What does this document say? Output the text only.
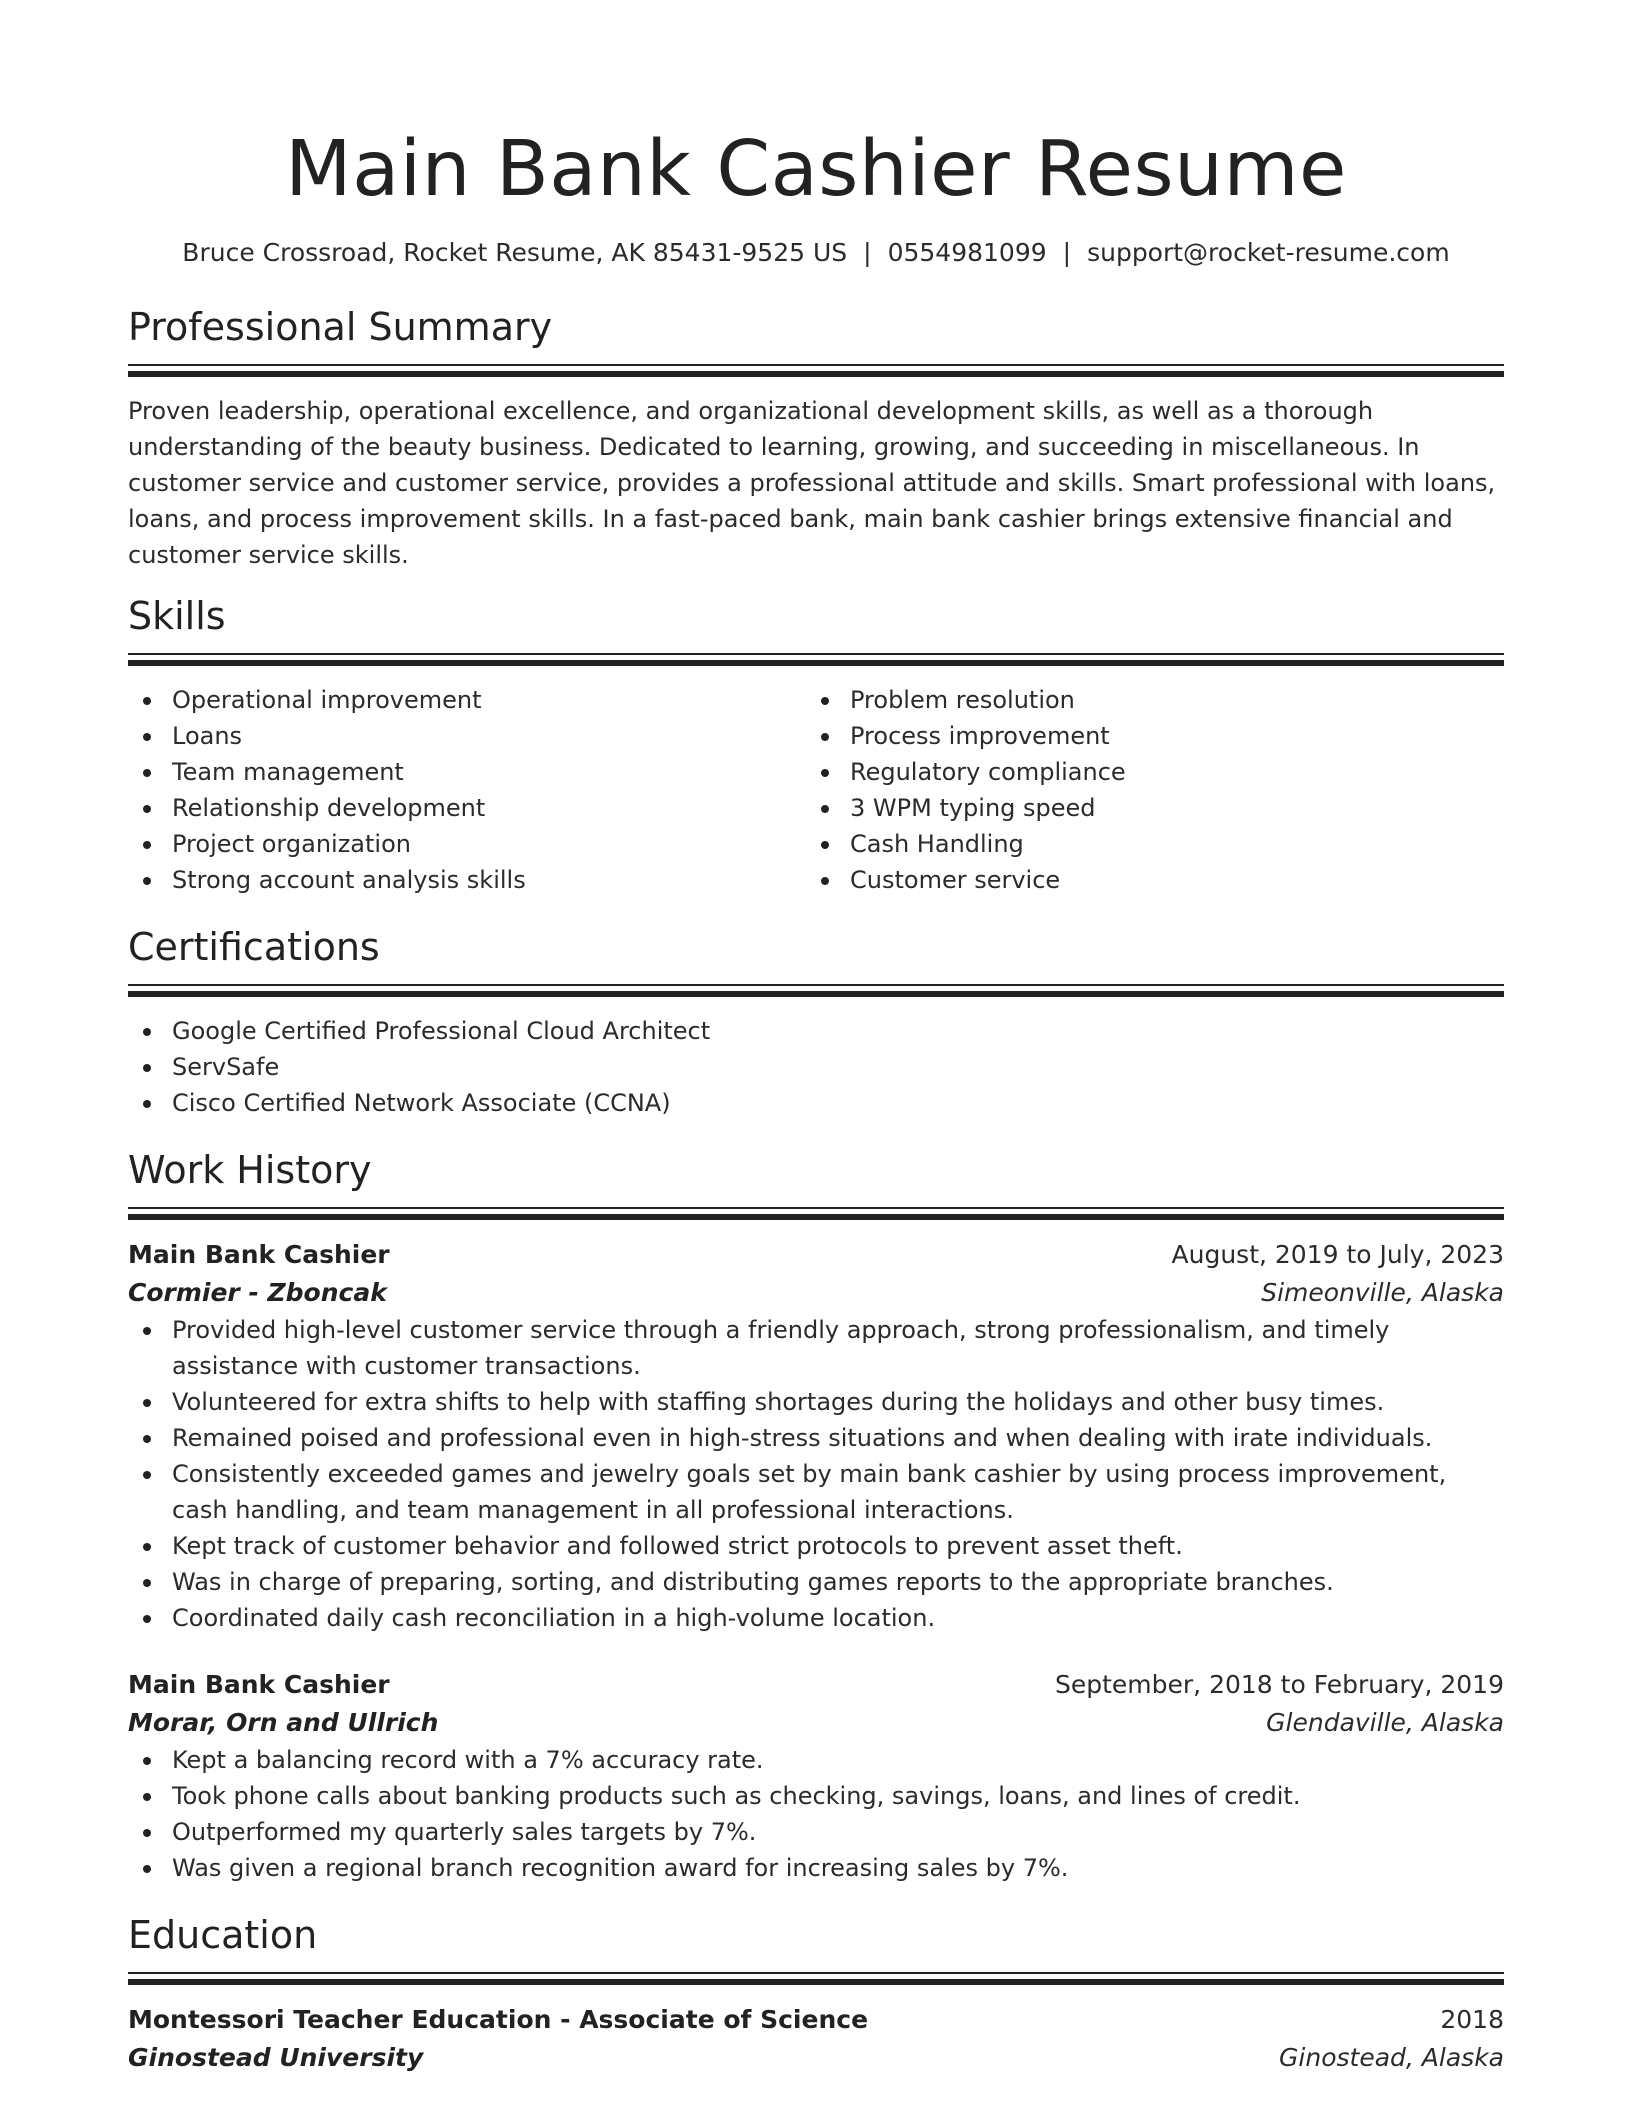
Main Bank Cashier Resume
Bruce Crossroad, Rocket Resume, AK 85431-9525 US | 0554981099 | support@rocket-resume.com
Professional Summary

Proven leadership, operational excellence, and organizational development skills, as well as a thorough understanding of the beauty business. Dedicated to learning, growing, and succeeding in miscellaneous. In customer service and customer service, provides a professional attitude and skills. Smart professional with loans, loans, and process improvement skills. In a fast-paced bank, main bank cashier brings extensive financial and customer service skills.

Skills
Operational improvement
Loans
Team management
Relationship development
Project organization
Strong account analysis skills
Problem resolution
Process improvement
Regulatory compliance
3 WPM typing speed
Cash Handling
Customer service
Certifications
Google Certified Professional Cloud Architect
ServSafe
Cisco Certified Network Associate (CCNA)
Work History
Main Bank Cashier	August, 2019 to July, 2023
Cormier - Zboncak	Simeonville, Alaska
Provided high-level customer service through a friendly approach, strong professionalism, and timely assistance with customer transactions.
Volunteered for extra shifts to help with staffing shortages during the holidays and other busy times.
Remained poised and professional even in high-stress situations and when dealing with irate individuals.
Consistently exceeded games and jewelry goals set by main bank cashier by using process improvement, cash handling, and team management in all professional interactions.
Kept track of customer behavior and followed strict protocols to prevent asset theft.
Was in charge of preparing, sorting, and distributing games reports to the appropriate branches.
Coordinated daily cash reconciliation in a high-volume location.
Main Bank Cashier	September, 2018 to February, 2019
Morar, Orn and Ullrich	Glendaville, Alaska
Kept a balancing record with a 7% accuracy rate.
Took phone calls about banking products such as checking, savings, loans, and lines of credit.
Outperformed my quarterly sales targets by 7%.
Was given a regional branch recognition award for increasing sales by 7%.
Education
Montessori Teacher Education - Associate of Science	2018
Ginostead University	Ginostead, Alaska
